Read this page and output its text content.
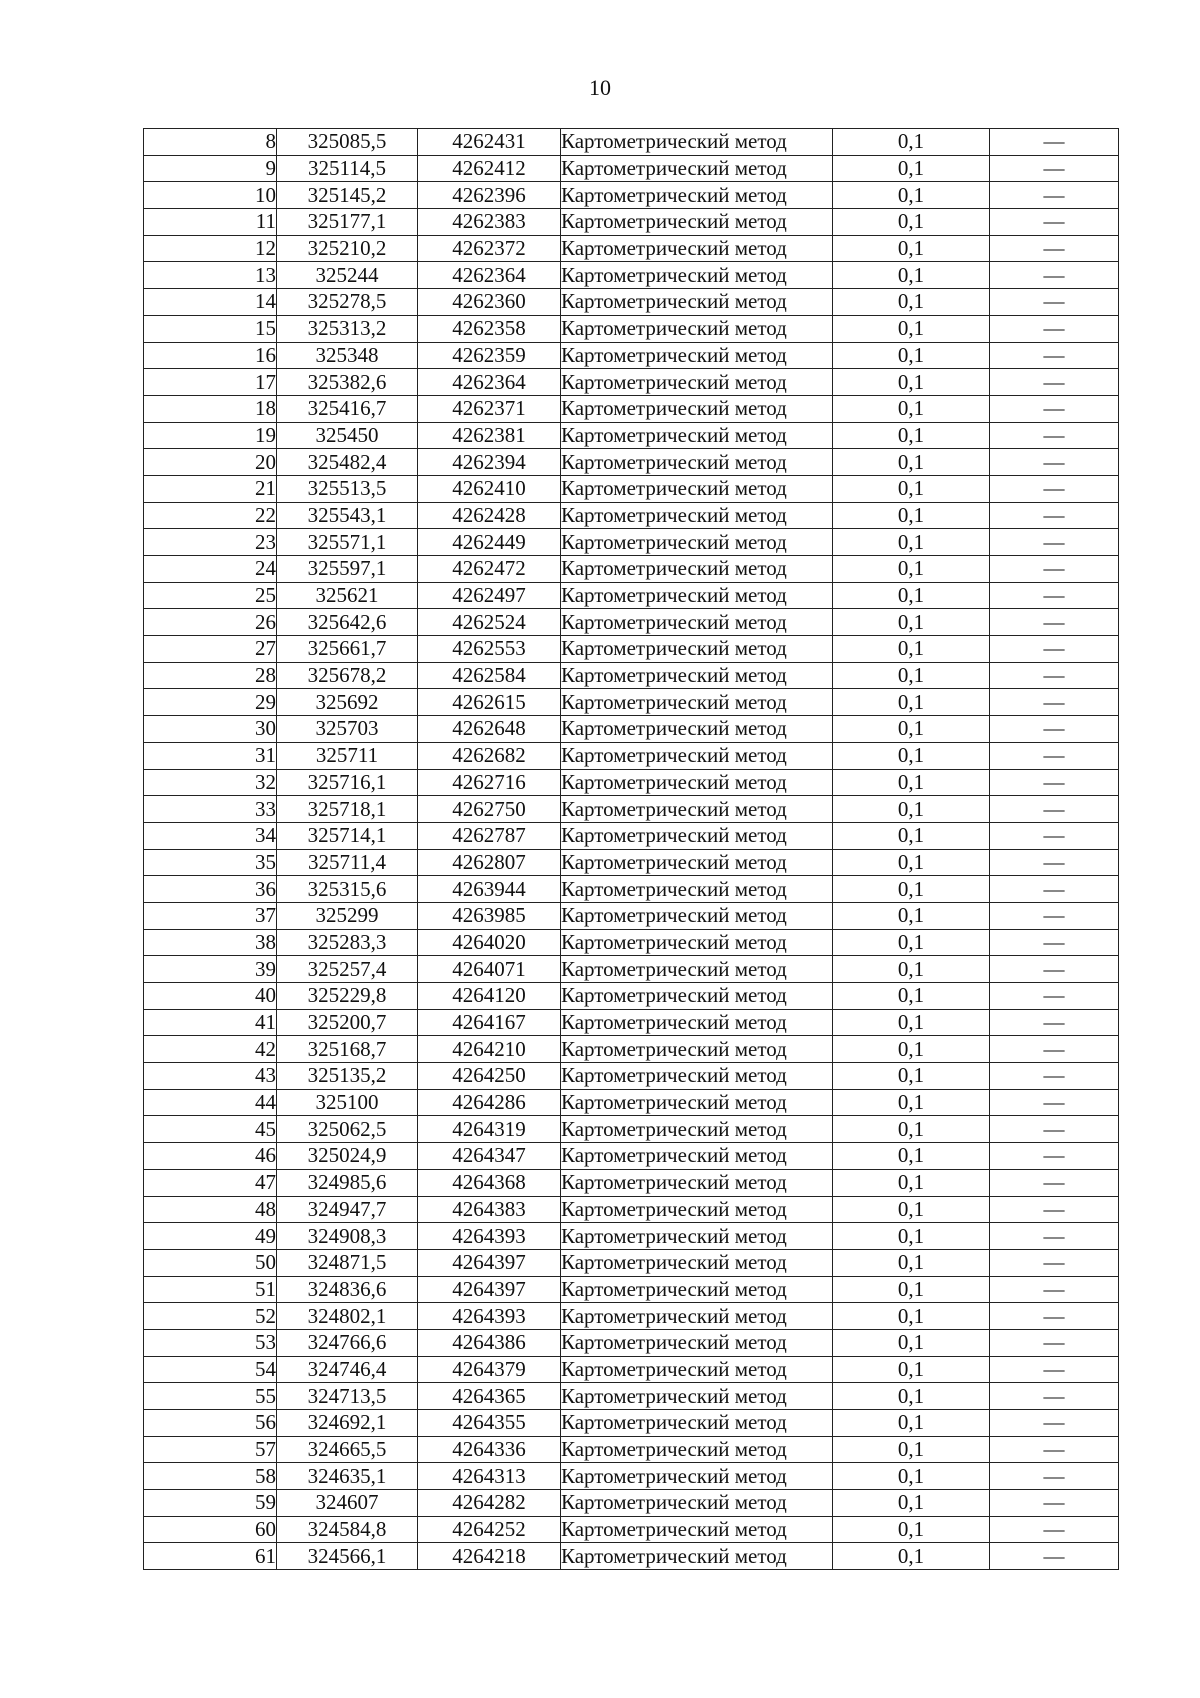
10
8	325085,5	4262431	Картометрический метод	0,1	—
9	325114,5	4262412	Картометрический метод	0,1	—
10	325145,2	4262396	Картометрический метод	0,1	—
11	325177,1	4262383	Картометрический метод	0,1	—
12	325210,2	4262372	Картометрический метод	0,1	—
13	325244	4262364	Картометрический метод	0,1	—
14	325278,5	4262360	Картометрический метод	0,1	—
15	325313,2	4262358	Картометрический метод	0,1	—
16	325348	4262359	Картометрический метод	0,1	—
17	325382,6	4262364	Картометрический метод	0,1	—
18	325416,7	4262371	Картометрический метод	0,1	—
19	325450	4262381	Картометрический метод	0,1	—
20	325482,4	4262394	Картометрический метод	0,1	—
21	325513,5	4262410	Картометрический метод	0,1	—
22	325543,1	4262428	Картометрический метод	0,1	—
23	325571,1	4262449	Картометрический метод	0,1	—
24	325597,1	4262472	Картометрический метод	0,1	—
25	325621	4262497	Картометрический метод	0,1	—
26	325642,6	4262524	Картометрический метод	0,1	—
27	325661,7	4262553	Картометрический метод	0,1	—
28	325678,2	4262584	Картометрический метод	0,1	—
29	325692	4262615	Картометрический метод	0,1	—
30	325703	4262648	Картометрический метод	0,1	—
31	325711	4262682	Картометрический метод	0,1	—
32	325716,1	4262716	Картометрический метод	0,1	—
33	325718,1	4262750	Картометрический метод	0,1	—
34	325714,1	4262787	Картометрический метод	0,1	—
35	325711,4	4262807	Картометрический метод	0,1	—
36	325315,6	4263944	Картометрический метод	0,1	—
37	325299	4263985	Картометрический метод	0,1	—
38	325283,3	4264020	Картометрический метод	0,1	—
39	325257,4	4264071	Картометрический метод	0,1	—
40	325229,8	4264120	Картометрический метод	0,1	—
41	325200,7	4264167	Картометрический метод	0,1	—
42	325168,7	4264210	Картометрический метод	0,1	—
43	325135,2	4264250	Картометрический метод	0,1	—
44	325100	4264286	Картометрический метод	0,1	—
45	325062,5	4264319	Картометрический метод	0,1	—
46	325024,9	4264347	Картометрический метод	0,1	—
47	324985,6	4264368	Картометрический метод	0,1	—
48	324947,7	4264383	Картометрический метод	0,1	—
49	324908,3	4264393	Картометрический метод	0,1	—
50	324871,5	4264397	Картометрический метод	0,1	—
51	324836,6	4264397	Картометрический метод	0,1	—
52	324802,1	4264393	Картометрический метод	0,1	—
53	324766,6	4264386	Картометрический метод	0,1	—
54	324746,4	4264379	Картометрический метод	0,1	—
55	324713,5	4264365	Картометрический метод	0,1	—
56	324692,1	4264355	Картометрический метод	0,1	—
57	324665,5	4264336	Картометрический метод	0,1	—
58	324635,1	4264313	Картометрический метод	0,1	—
59	324607	4264282	Картометрический метод	0,1	—
60	324584,8	4264252	Картометрический метод	0,1	—
61	324566,1	4264218	Картометрический метод	0,1	—
